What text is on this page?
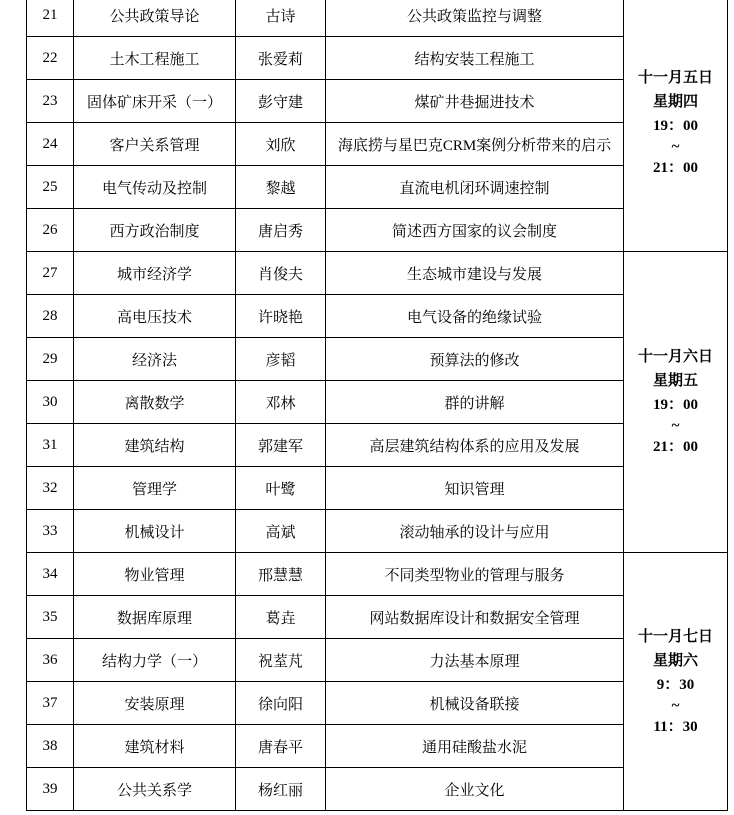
21	公共政策导论	古诗	公共政策监控与调整	十一月五日
星期四
19：00
~
21：00

22	土木工程施工	张爱莉	结构安装工程施工	
23	固体矿床开采（一）	彭守建	煤矿井巷掘进技术	
24	客户关系管理	刘欣	海底捞与星巴克CRM案例分析带来的启示	
25	电气传动及控制	黎越	直流电机闭环调速控制	
26	西方政治制度	唐启秀	简述西方国家的议会制度	
27	城市经济学	肖俊夫	生态城市建设与发展	十一月六日
星期五
19：00
~
21：00

28	高电压技术	许晓艳	电气设备的绝缘试验	
29	经济法	彦韬	预算法的修改	
30	离散数学	邓林	群的讲解	
31	建筑结构	郭建军	高层建筑结构体系的应用及发展	
32	管理学	叶鹭	知识管理	
33	机械设计	高斌	滚动轴承的设计与应用	
34	物业管理	邢慧慧	不同类型物业的管理与服务	十一月七日
星期六
9：30
~
11：30

35	数据库原理	葛垚	网站数据库设计和数据安全管理	
36	结构力学（一）	祝荎芃	力法基本原理	
37	安装原理	徐向阳	机械设备联接	
38	建筑材料	唐春平	通用硅酸盐水泥	
39	公共关系学	杨红丽	企业文化	
